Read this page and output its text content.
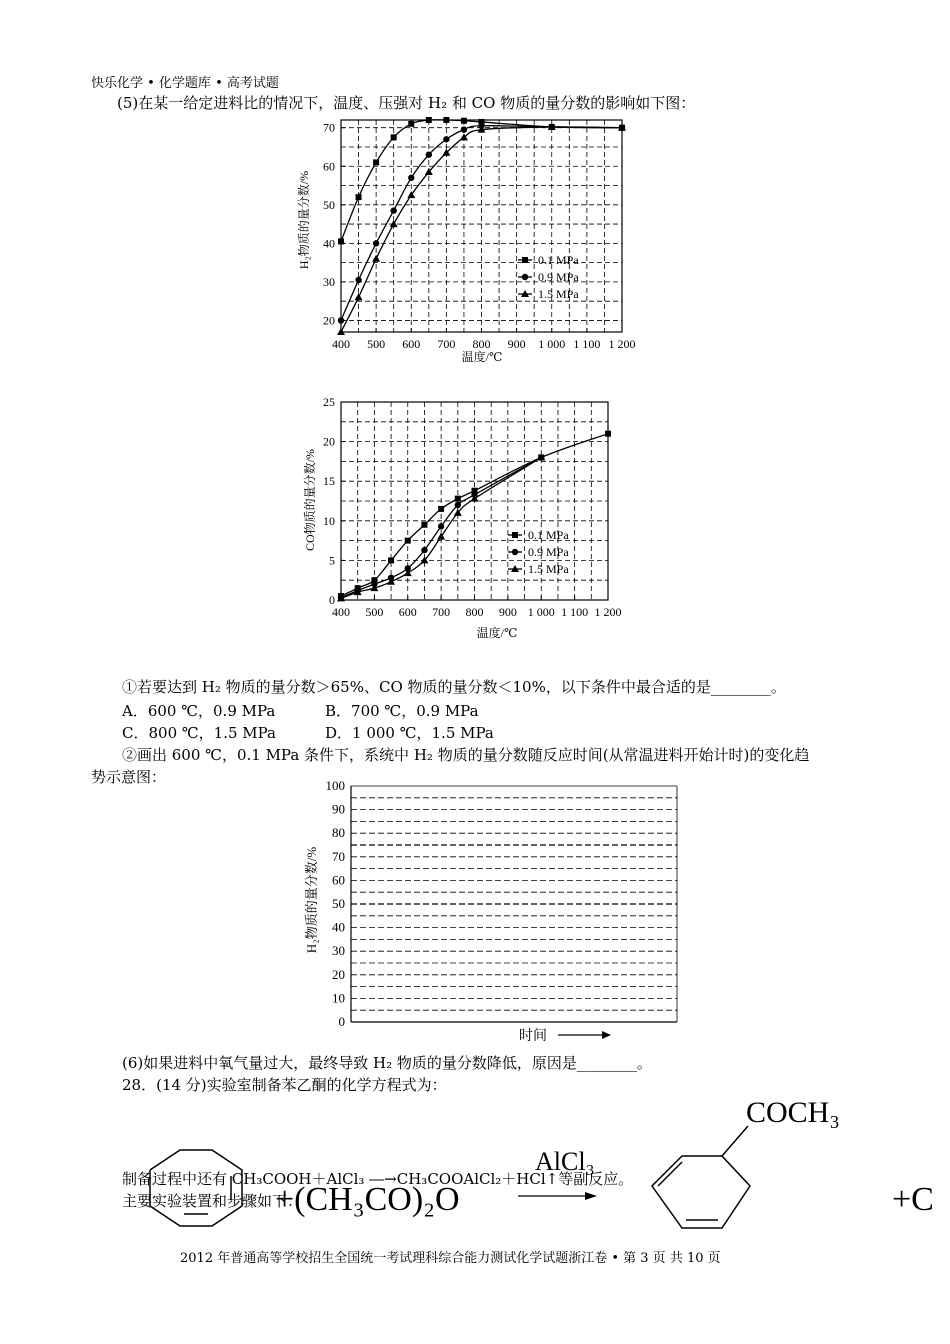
快乐化学 • 化学题库 • 高考试题
(5)在某一给定进料比的情况下，温度、压强对 H₂ 和 CO 物质的量分数的影响如下图：
400 500 600 700 800 900 1 000 1 100 1 200
20
30
40
50
60
70
0.1 MPa
0.9 MPa
1.5 MPa
H₂物质的量分数/%
温度/℃
400 500 600 700 800 900 1 000 1 100 1 200
0
5
10
15
20
25
0.1 MPa
0.9 MPa
1.5 MPa
CO物质的量分数/%
温度/℃
①若要达到 H₂ 物质的量分数＞65%、CO 物质的量分数＜10%，以下条件中最合适的是________。
A．600 ℃，0.9 MPa	B．700 ℃，0.9 MPa
C．800 ℃，1.5 MPa	D．1 000 ℃，1.5 MPa
②画出 600 ℃，0.1 MPa 条件下，系统中 H₂ 物质的量分数随反应时间(从常温进料开始计时)的变化趋
势示意图：
0
10
20
30
40
50
60
70
80
90
100
H₂物质的量分数/%
时间
(6)如果进料中氧气量过大，最终导致 H₂ 物质的量分数降低，原因是________。
28．(14 分)实验室制备苯乙酮的化学方程式为：
+(CH₃CO)₂O
AlCl₃
COCH₃
+C
制备过程中还有 CH₃COOH＋AlCl₃ ―→CH₃COOAlCl₂＋HCl↑等副反应。
主要实验装置和步骤如下：
2012 年普通高等学校招生全国统一考试理科综合能力测试化学试题浙江卷 • 第 3 页 共 10 页
